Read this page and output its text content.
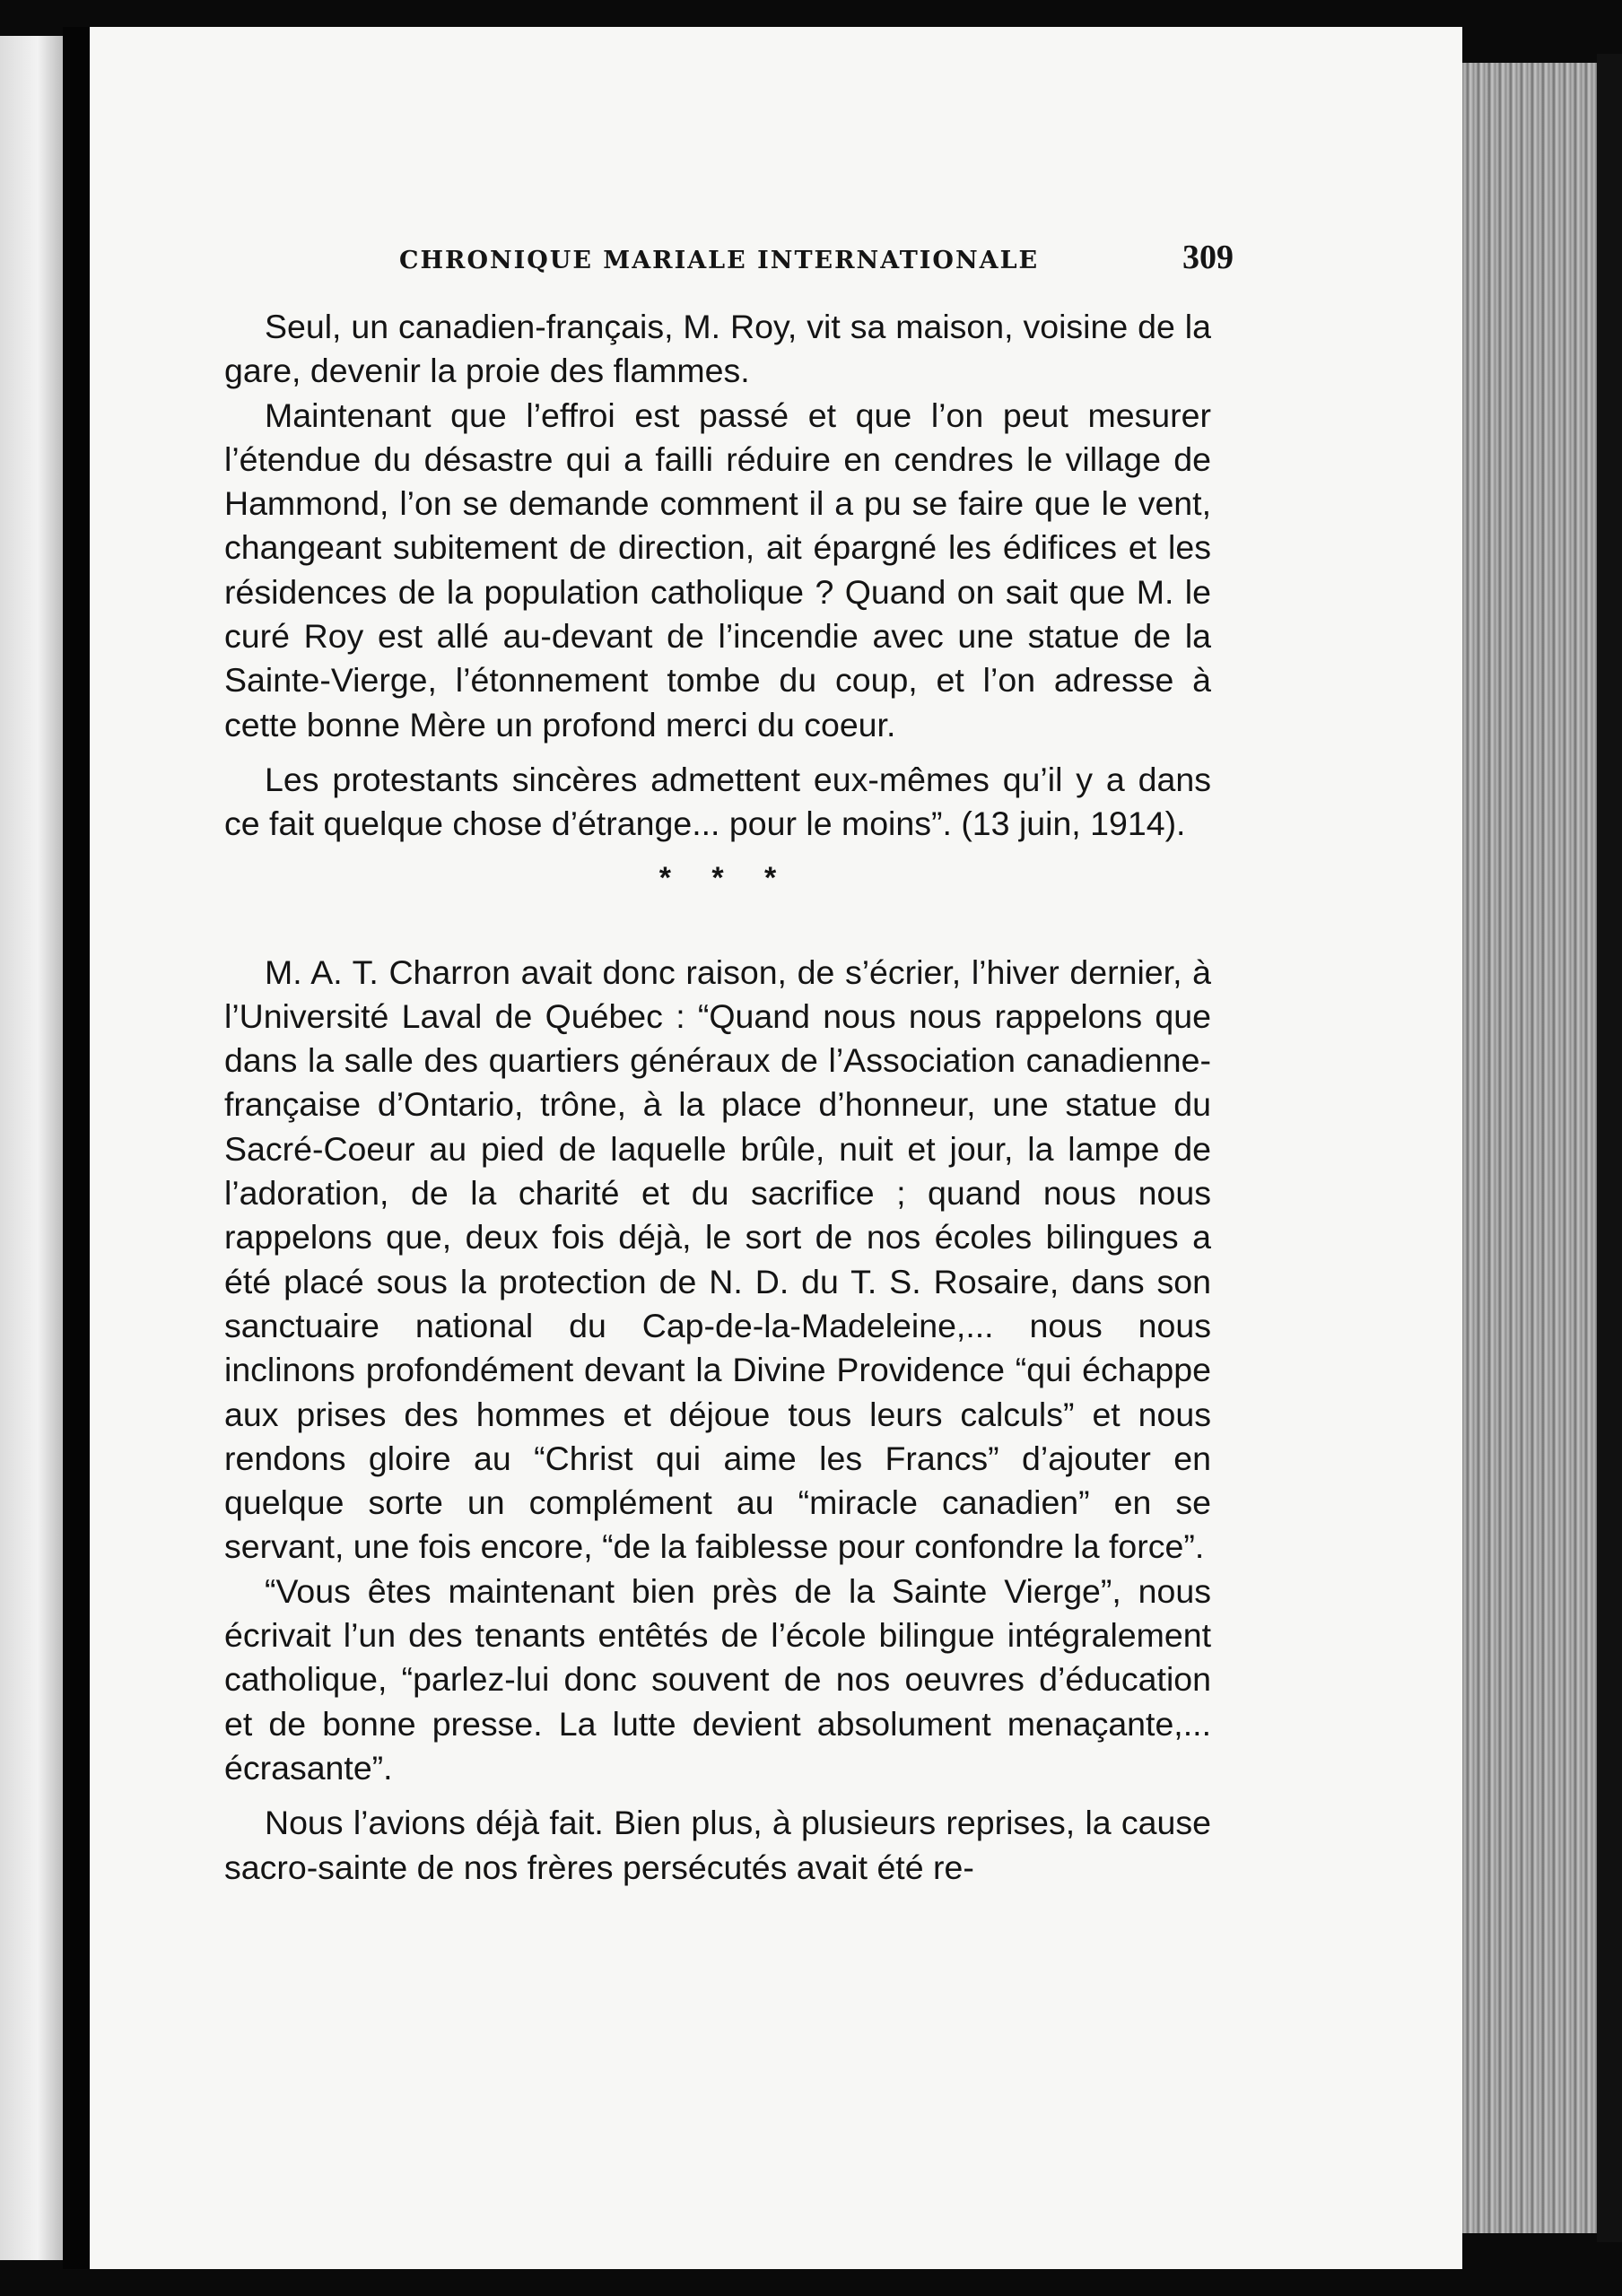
CHRONIQUE MARIALE INTERNATIONALE	309

Seul, un canadien-français, M. Roy, vit sa maison, voisine de la gare, devenir la proie des flammes.

Maintenant que l’effroi est passé et que l’on peut mesurer l’étendue du désastre qui a failli réduire en cendres le village de Hammond, l’on se demande comment il a pu se faire que le vent, changeant subitement de direction, ait épargné les édifices et les résidences de la population catholique ? Quand on sait que M. le curé Roy est allé au-devant de l’incendie avec une statue de la Sainte-Vierge, l’étonnement tombe du coup, et l’on adresse à cette bonne Mère un profond merci du coeur.

Les protestants sincères admettent eux-mêmes qu’il y a dans ce fait quelque chose d’étrange... pour le moins”. (13 juin, 1914).

* * *

M. A. T. Charron avait donc raison, de s’écrier, l’hiver dernier, à l’Université Laval de Québec : “Quand nous nous rappelons que dans la salle des quartiers généraux de l’Association canadienne-française d’Ontario, trône, à la place d’honneur, une statue du Sacré-Coeur au pied de laquelle brûle, nuit et jour, la lampe de l’adoration, de la charité et du sacrifice ; quand nous nous rappelons que, deux fois déjà, le sort de nos écoles bilingues a été placé sous la protection de N. D. du T. S. Rosaire, dans son sanctuaire national du Cap-de-la-Madeleine,... nous nous inclinons profondément devant la Divine Providence “qui échappe aux prises des hommes et déjoue tous leurs calculs” et nous rendons gloire au “Christ qui aime les Francs” d’ajouter en quelque sorte un complément au “miracle canadien” en se servant, une fois encore, “de la faiblesse pour confondre la force”.

“Vous êtes maintenant bien près de la Sainte Vierge”, nous écrivait l’un des tenants entêtés de l’école bilingue intégralement catholique, “parlez-lui donc souvent de nos oeuvres d’éducation et de bonne presse. La lutte devient absolument menaçante,... écrasante”.

Nous l’avions déjà fait. Bien plus, à plusieurs reprises, la cause sacro-sainte de nos frères persécutés avait été re-
